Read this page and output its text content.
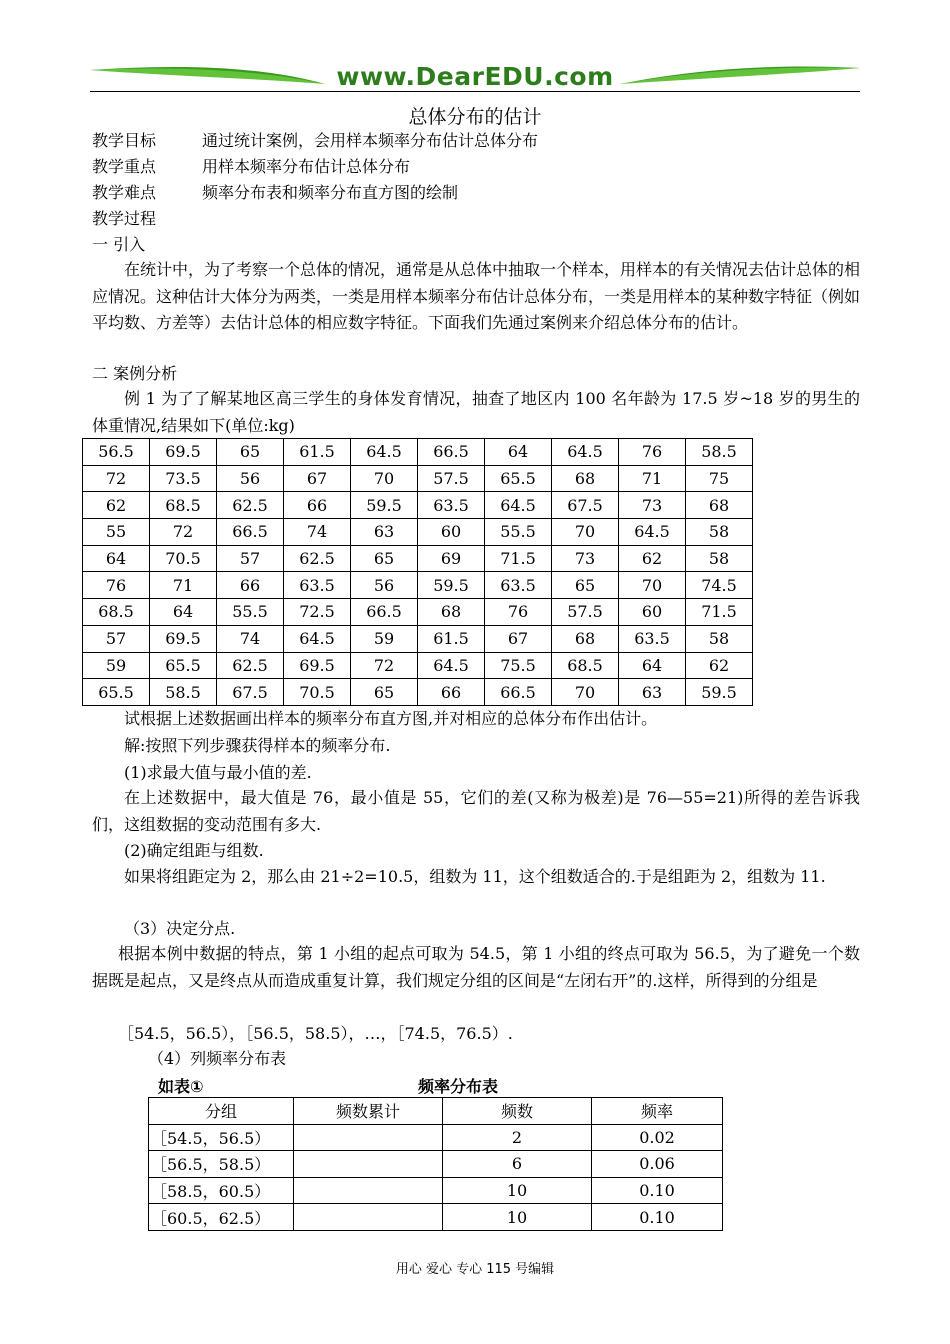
www.DearEDU.com
总体分布的估计
教学目标	通过统计案例，会用样本频率分布估计总体分布
教学重点	用样本频率分布估计总体分布
教学难点	频率分布表和频率分布直方图的绘制
教学过程
一 引入
在统计中，为了考察一个总体的情况，通常是从总体中抽取一个样本，用样本的有关情况去估计总体的相应情况。这种估计大体分为两类，一类是用样本频率分布估计总体分布，一类是用样本的某种数字特征（例如平均数、方差等）去估计总体的相应数字特征。下面我们先通过案例来介绍总体分布的估计。
二 案例分析
例 1 为了了解某地区高三学生的身体发育情况，抽查了地区内 100 名年龄为 17.5 岁~18 岁的男生的体重情况,结果如下(单位:kg)
56.5	69.5	65	61.5	64.5	66.5	64	64.5	76	58.5
72	73.5	56	67	70	57.5	65.5	68	71	75
62	68.5	62.5	66	59.5	63.5	64.5	67.5	73	68
55	72	66.5	74	63	60	55.5	70	64.5	58
64	70.5	57	62.5	65	69	71.5	73	62	58
76	71	66	63.5	56	59.5	63.5	65	70	74.5
68.5	64	55.5	72.5	66.5	68	76	57.5	60	71.5
57	69.5	74	64.5	59	61.5	67	68	63.5	58
59	65.5	62.5	69.5	72	64.5	75.5	68.5	64	62
65.5	58.5	67.5	70.5	65	66	66.5	70	63	59.5
试根据上述数据画出样本的频率分布直方图,并对相应的总体分布作出估计。
解:按照下列步骤获得样本的频率分布.
(1)求最大值与最小值的差.
在上述数据中，最大值是 76，最小值是 55，它们的差(又称为极差)是 76—55=21)所得的差告诉我们，这组数据的变动范围有多大.
(2)确定组距与组数.
如果将组距定为 2，那么由 21÷2=10.5，组数为 11，这个组数适合的.于是组距为 2，组数为 11.
（3）决定分点.
根据本例中数据的特点，第 1 小组的起点可取为 54.5，第 1 小组的终点可取为 56.5，为了避免一个数据既是起点，又是终点从而造成重复计算，我们规定分组的区间是“左闭右开”的.这样，所得到的分组是
［54.5，56.5），［56.5，58.5），…，［74.5，76.5）.
（4）列频率分布表
如表①	频率分布表
分组	频数累计	频数	频率
［54.5，56.5）		2	0.02
［56.5，58.5）		6	0.06
［58.5，60.5）		10	0.10
［60.5，62.5）		10	0.10
用心 爱心 专心 115 号编辑
